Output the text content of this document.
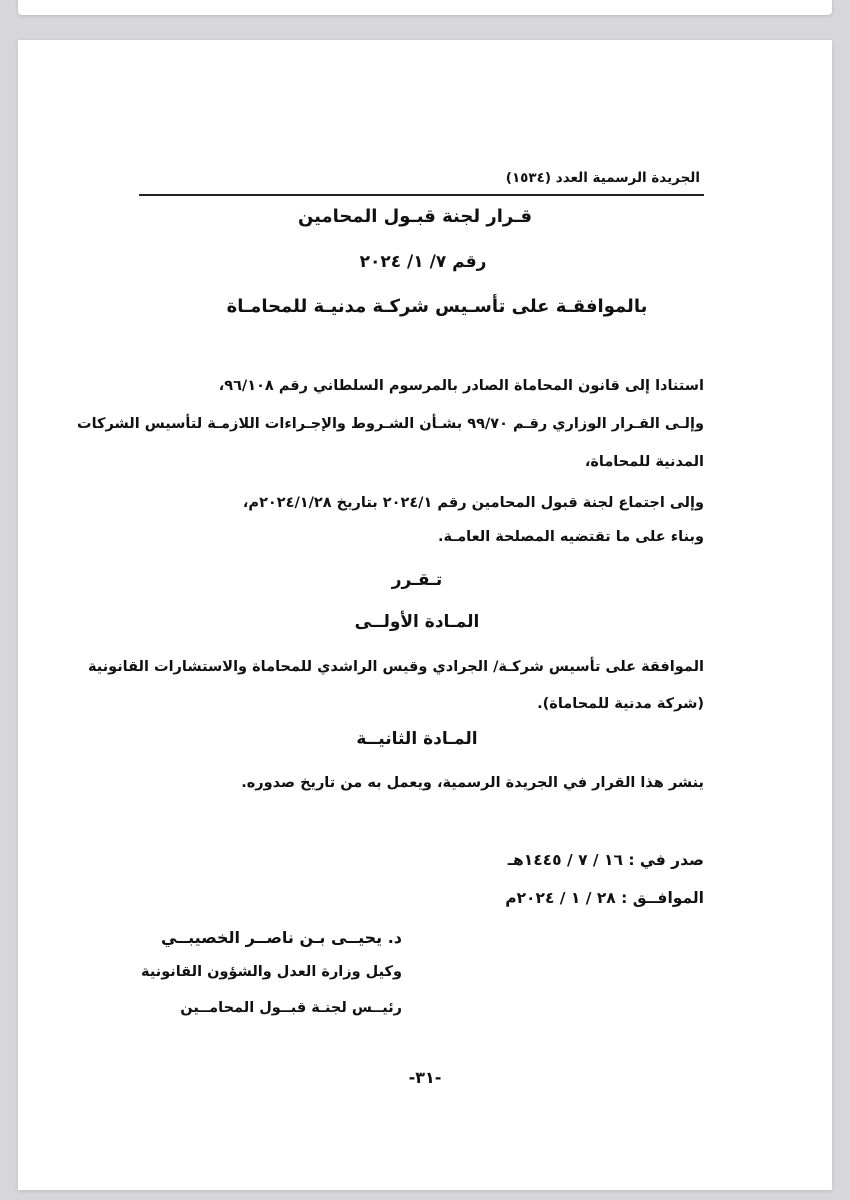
الجريدة الرسمية العدد (١٥٣٤)
قـرار لجنة قبـول المحامين
رقم ٧/ ١/ ٢٠٢٤
بالموافقـة على تأسـيس شركـة مدنيـة للمحامـاة
استنادا إلى قانون المحاماة الصادر بالمرسوم السلطاني رقم ٩٦/١٠٨،
وإلـى القـرار الوزاري رقـم ٩٩/٧٠ بشـأن الشـروط والإجـراءات اللازمـة لتأسيس الشركات
المدنية للمحاماة،
وإلى اجتماع لجنة قبول المحامين رقم ٢٠٢٤/١ بتاريخ ٢٠٢٤/١/٢٨م،
وبناء على ما تقتضيه المصلحة العامـة.
تـقـرر
المـادة الأولــى
الموافقة على تأسيس شركـة/ الجرادي وقيس الراشدي للمحاماة والاستشارات القانونية
(شركة مدنية للمحاماة).
المـادة الثانيــة
ينشر هذا القرار في الجريدة الرسمية، ويعمل به من تاريخ صدوره.
صدر في : ١٦ / ٧ / ١٤٤٥هـ
الموافــق : ٢٨ / ١ / ٢٠٢٤م
د. يحيــى بـن ناصــر الخصيبــي
وكيل وزارة العدل والشؤون القانونية
رئيــس لجنـة قبــول المحامــين
-٣١-
